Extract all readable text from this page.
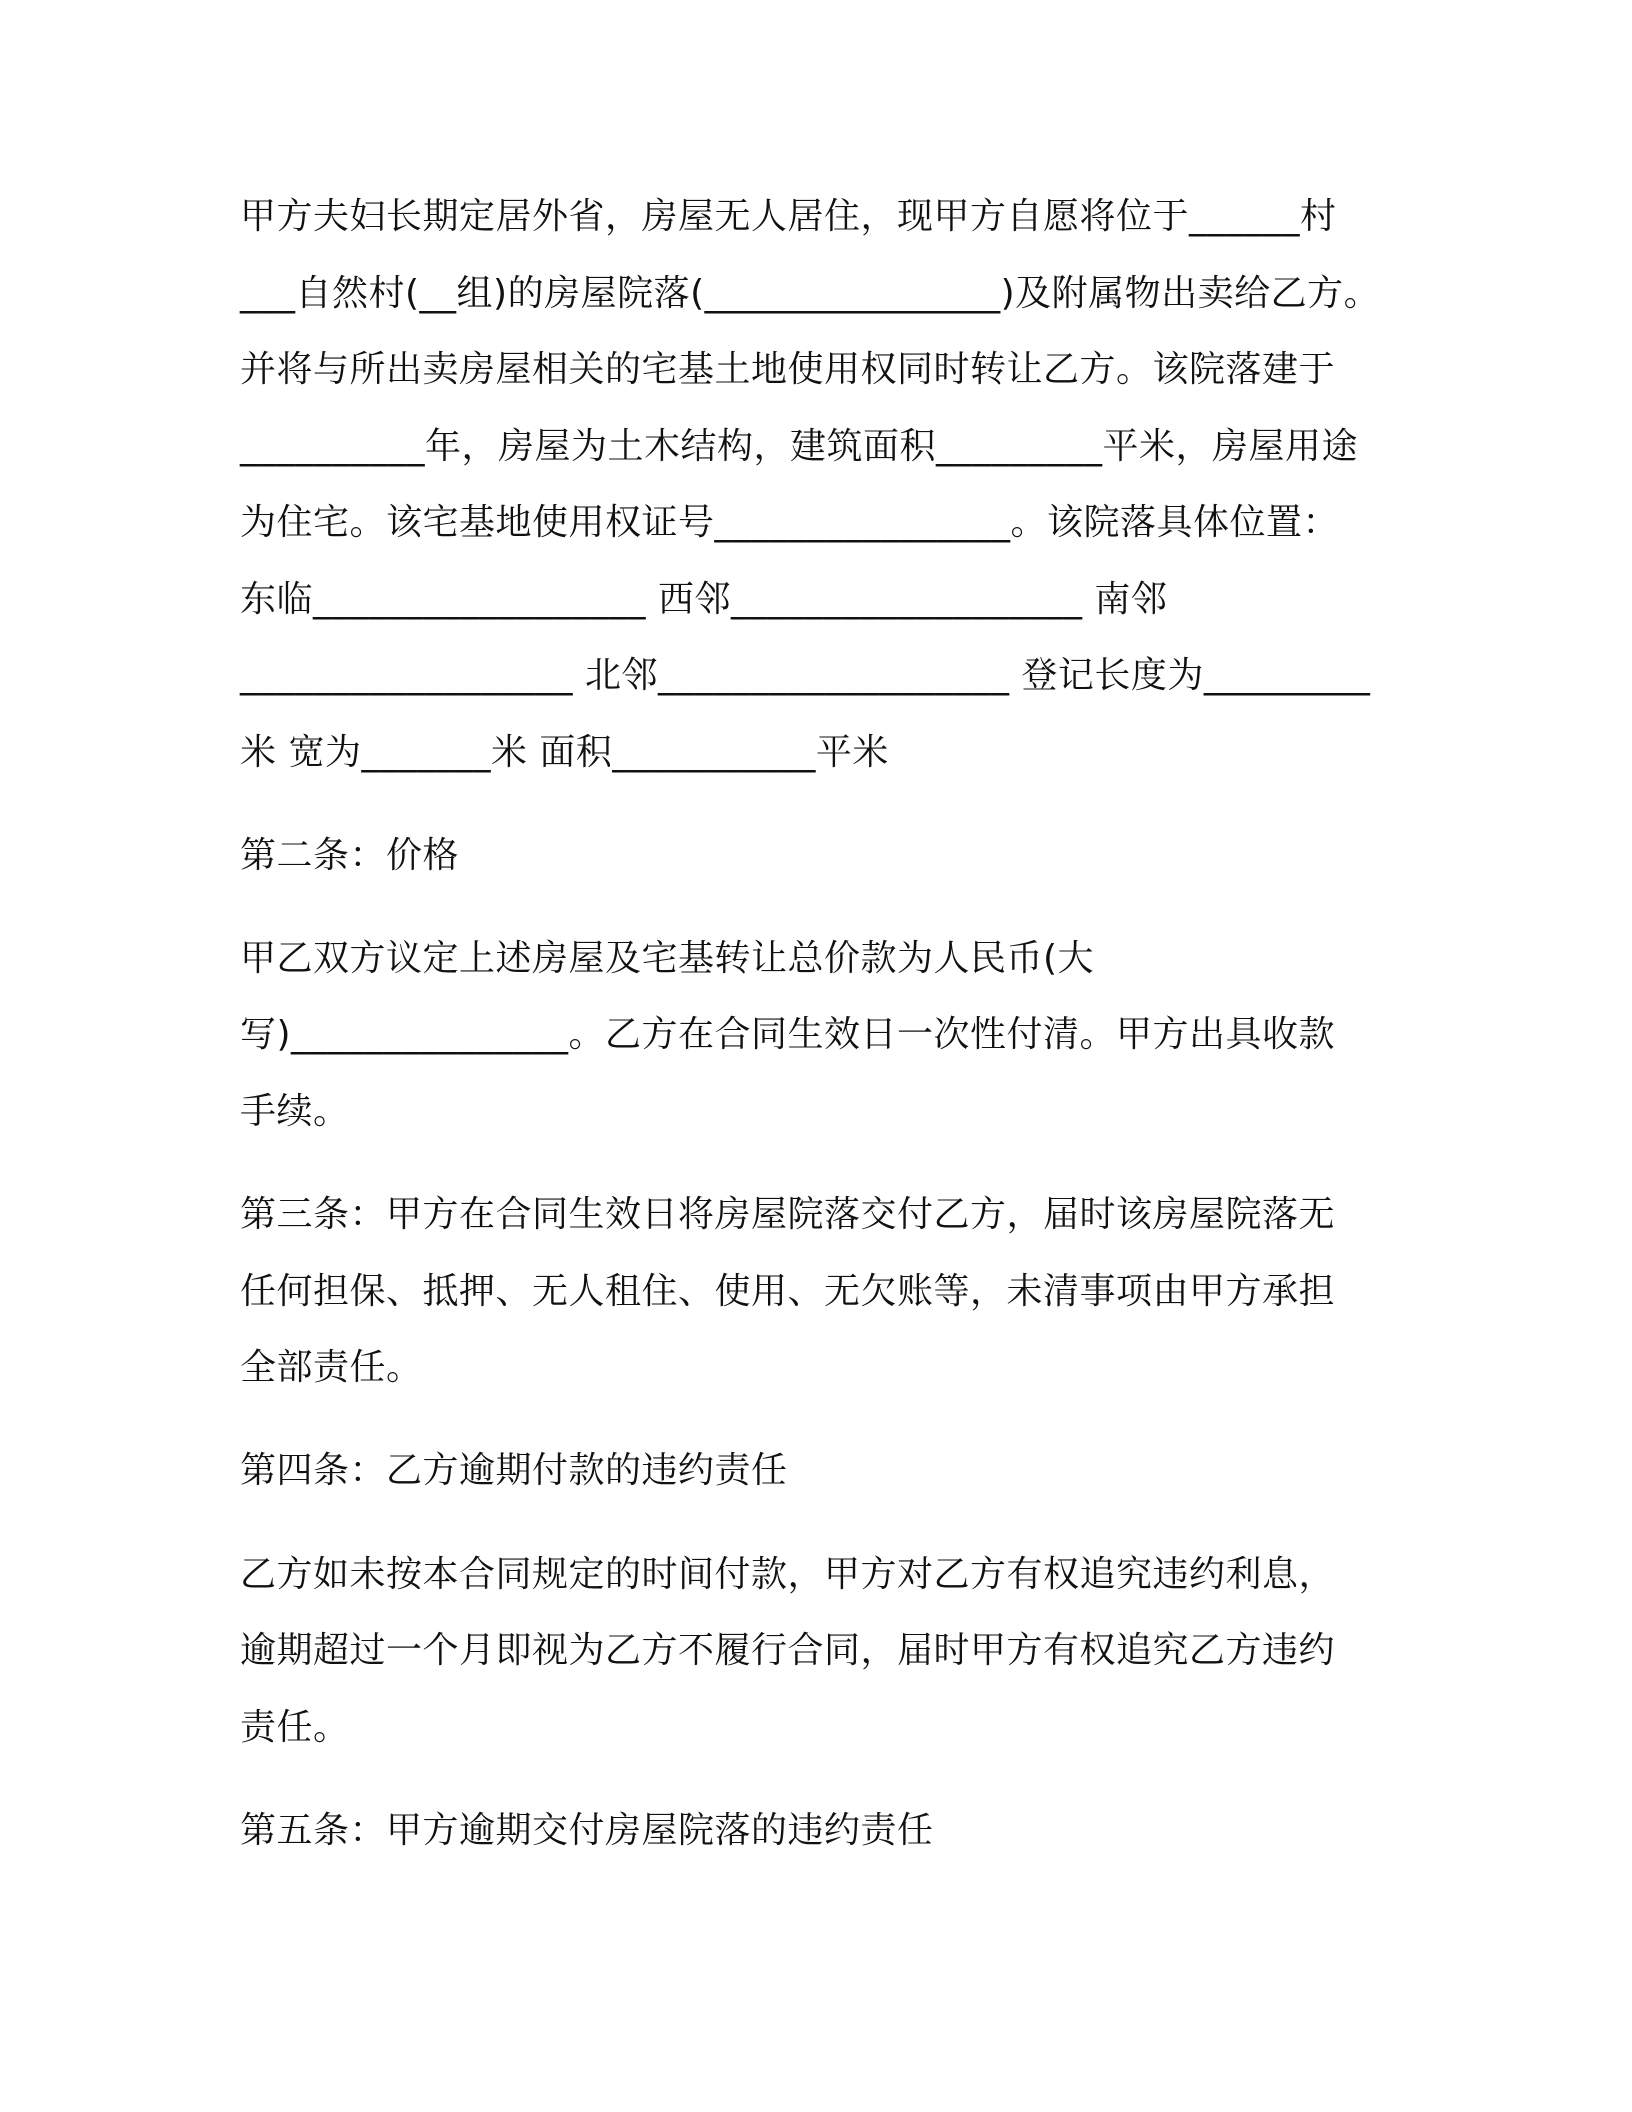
甲方夫妇长期定居外省，房屋无人居住，现甲方自愿将位于______村

___自然村(__组)的房屋院落(________________)及附属物出卖给乙方。

并将与所出卖房屋相关的宅基土地使用权同时转让乙方。该院落建于

__________年，房屋为土木结构，建筑面积_________平米，房屋用途

为住宅。该宅基地使用权证号________________。该院落具体位置：

东临__________________ 西邻___________________ 南邻

__________________ 北邻___________________ 登记长度为_________

米 宽为_______米 面积___________平米

第二条：价格

甲乙双方议定上述房屋及宅基转让总价款为人民币(大

写)_______________。乙方在合同生效日一次性付清。甲方出具收款

手续。

第三条：甲方在合同生效日将房屋院落交付乙方，届时该房屋院落无

任何担保、抵押、无人租住、使用、无欠账等，未清事项由甲方承担

全部责任。

第四条：乙方逾期付款的违约责任

乙方如未按本合同规定的时间付款，甲方对乙方有权追究违约利息，

逾期超过一个月即视为乙方不履行合同，届时甲方有权追究乙方违约

责任。

第五条：甲方逾期交付房屋院落的违约责任
